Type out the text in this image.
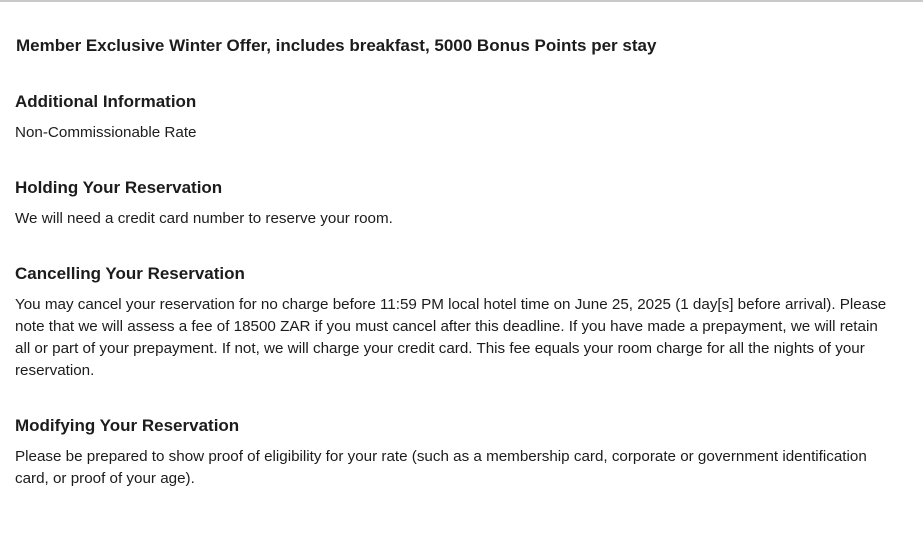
Member Exclusive Winter Offer, includes breakfast, 5000 Bonus Points per stay
Additional Information

Non-Commissionable Rate

Holding Your Reservation

We will need a credit card number to reserve your room.

Cancelling Your Reservation

You may cancel your reservation for no charge before 11:59 PM local hotel time on June 25, 2025 (1 day[s] before arrival). Please note that we will assess a fee of 18500 ZAR if you must cancel after this deadline. If you have made a prepayment, we will retain all or part of your prepayment. If not, we will charge your credit card. This fee equals your room charge for all the nights of your reservation.

Modifying Your Reservation

Please be prepared to show proof of eligibility for your rate (such as a membership card, corporate or government identification card, or proof of your age).
